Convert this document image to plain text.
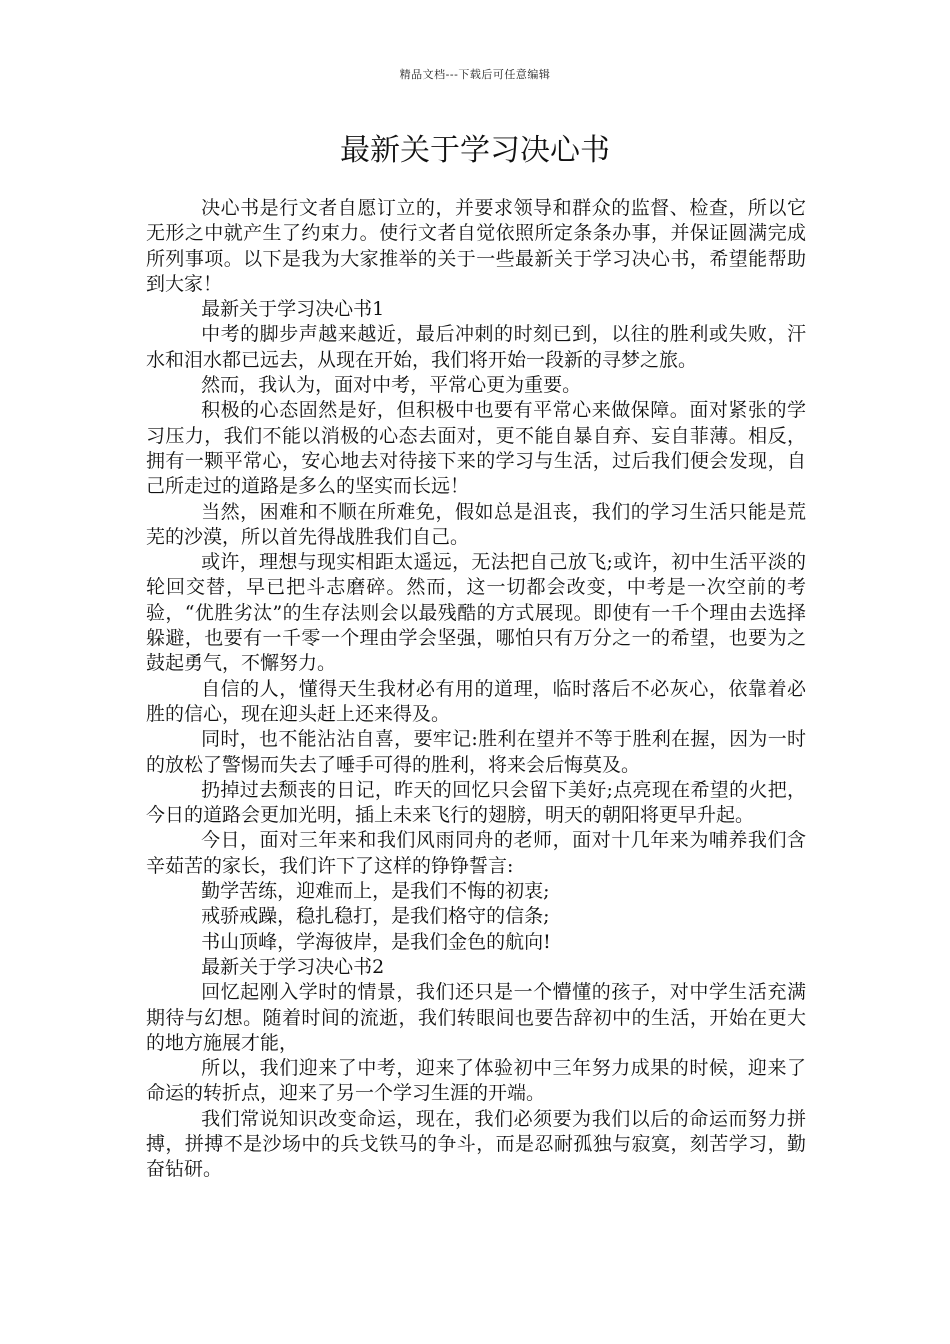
精品文档---下载后可任意编辑
最新关于学习决心书

决心书是行文者自愿订立的，并要求领导和群众的监督、检查，所以它无形之中就产生了约束力。使行文者自觉依照所定条条办事，并保证圆满完成所列事项。以下是我为大家推举的关于一些最新关于学习决心书，希望能帮助到大家！

最新关于学习决心书1

中考的脚步声越来越近，最后冲刺的时刻已到，以往的胜利或失败，汗水和泪水都已远去，从现在开始，我们将开始一段新的寻梦之旅。

然而，我认为，面对中考，平常心更为重要。

积极的心态固然是好，但积极中也要有平常心来做保障。面对紧张的学习压力，我们不能以消极的心态去面对，更不能自暴自弃、妄自菲薄。相反，拥有一颗平常心，安心地去对待接下来的学习与生活，过后我们便会发现，自己所走过的道路是多么的坚实而长远！

当然，困难和不顺在所难免，假如总是沮丧，我们的学习生活只能是荒芜的沙漠，所以首先得战胜我们自己。

或许，理想与现实相距太遥远，无法把自己放飞;或许，初中生活平淡的轮回交替，早已把斗志磨碎。然而，这一切都会改变，中考是一次空前的考验，“优胜劣汰”的生存法则会以最残酷的方式展现。即使有一千个理由去选择躲避，也要有一千零一个理由学会坚强，哪怕只有万分之一的希望，也要为之鼓起勇气，不懈努力。

自信的人，懂得天生我材必有用的道理，临时落后不必灰心，依靠着必胜的信心，现在迎头赶上还来得及。

同时，也不能沾沾自喜，要牢记:胜利在望并不等于胜利在握，因为一时的放松了警惕而失去了唾手可得的胜利，将来会后悔莫及。

扔掉过去颓丧的日记，昨天的回忆只会留下美好;点亮现在希望的火把，今日的道路会更加光明，插上未来飞行的翅膀，明天的朝阳将更早升起。

今日，面对三年来和我们风雨同舟的老师，面对十几年来为哺养我们含辛茹苦的家长，我们许下了这样的铮铮誓言:

勤学苦练，迎难而上，是我们不悔的初衷;

戒骄戒躁，稳扎稳打，是我们格守的信条;

书山顶峰，学海彼岸，是我们金色的航向!

最新关于学习决心书2

回忆起刚入学时的情景，我们还只是一个懵懂的孩子，对中学生活充满期待与幻想。随着时间的流逝，我们转眼间也要告辞初中的生活，开始在更大的地方施展才能，

所以，我们迎来了中考，迎来了体验初中三年努力成果的时候，迎来了命运的转折点，迎来了另一个学习生涯的开端。

我们常说知识改变命运，现在，我们必须要为我们以后的命运而努力拼搏，拼搏不是沙场中的兵戈铁马的争斗，而是忍耐孤独与寂寞，刻苦学习，勤奋钻研。
